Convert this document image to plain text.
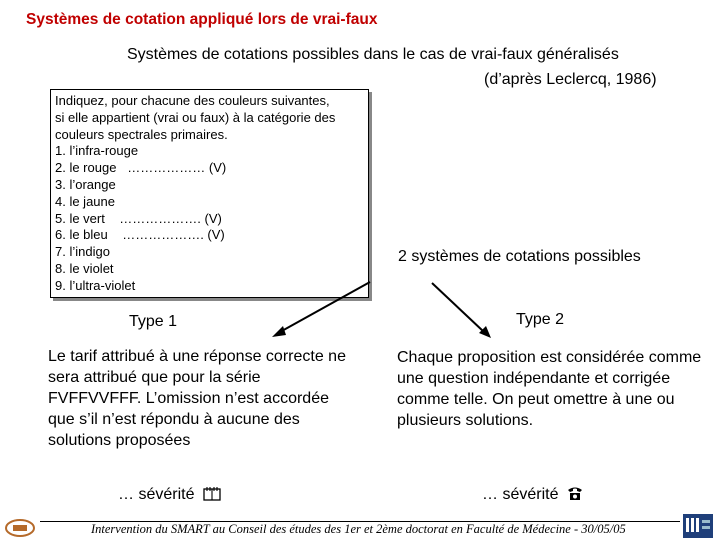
Systèmes de cotation appliqué lors de vrai-faux
Systèmes de cotations possibles dans le cas de vrai-faux généralisés
(d’après Leclercq, 1986)
Indiquez, pour chacune des couleurs suivantes,
si elle appartient (vrai ou faux) à la catégorie des
couleurs spectrales primaires.
1. l’infra-rouge
2. le rouge   ……………… (V)
3. l’orange
4. le jaune
5. le vert    ………………. (V)
6. le bleu    ………………. (V)
7. l’indigo
8. le violet
9. l’ultra-violet
2 systèmes de cotations possibles
Type 1	Type 2
Le tarif attribué à une réponse correcte ne sera attribué que pour la série FVFFVVFFF. L’omission n’est accordée que s’il n’est répondu à aucune des solutions proposées
Chaque proposition est considérée comme une question indépendante et corrigée comme telle. On peut omettre à une ou plusieurs solutions.
… sévérité	… sévérité
Intervention du SMART au Conseil des études des 1er et 2ème doctorat en Faculté de Médecine - 30/05/05
